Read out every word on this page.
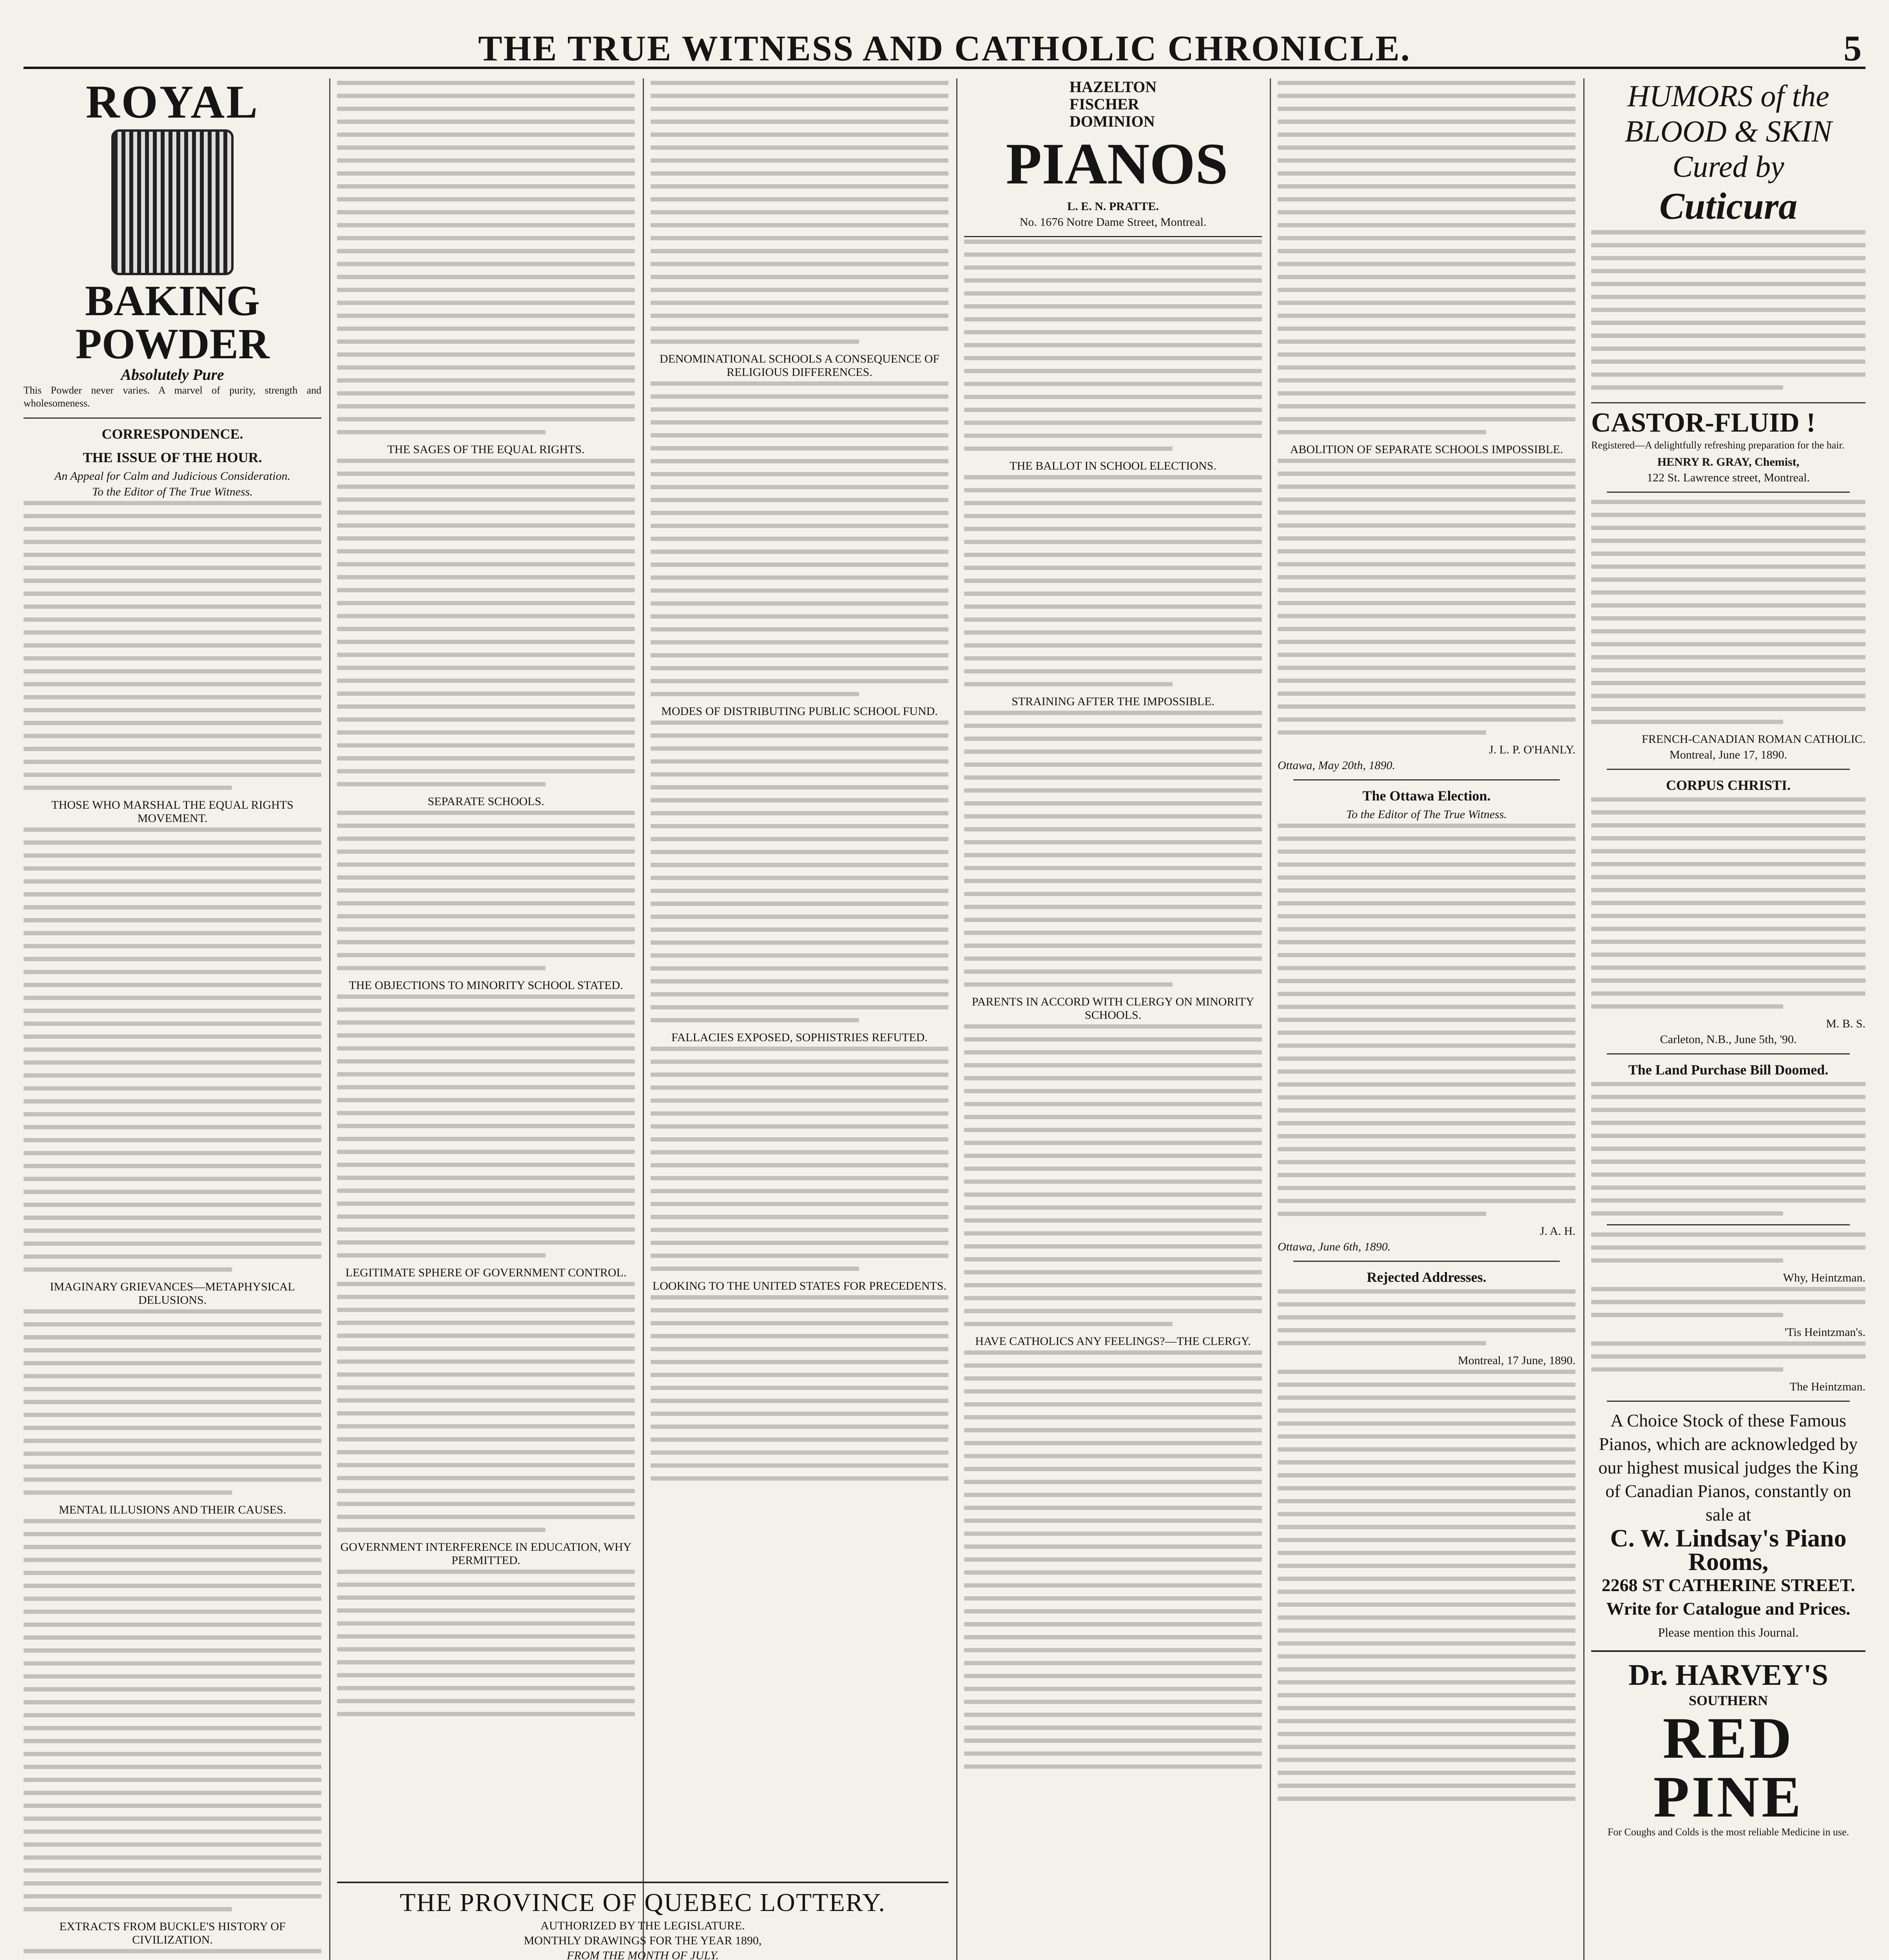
THE TRUE WITNESS AND CATHOLIC CHRONICLE.	5
ROYAL
BAKING
POWDER
Absolutely Pure

This Powder never varies. A marvel of purity, strength and wholesomeness.

CORRESPONDENCE.
THE ISSUE OF THE HOUR.
An Appeal for Calm and Judicious Consideration.
To the Editor of The True Witness.
THOSE WHO MARSHAL THE EQUAL RIGHTS MOVEMENT.
IMAGINARY GRIEVANCES—METAPHYSICAL DELUSIONS.
MENTAL ILLUSIONS AND THEIR CAUSES.
EXTRACTS FROM BUCKLE'S HISTORY OF CIVILIZATION.
THE SAGES OF THE EQUAL RIGHTS.
SEPARATE SCHOOLS.
THE OBJECTIONS TO MINORITY SCHOOL STATED.
LEGITIMATE SPHERE OF GOVERNMENT CONTROL.
GOVERNMENT INTERFERENCE IN EDUCATION, WHY PERMITTED.
DENOMINATIONAL SCHOOLS A CONSEQUENCE OF RELIGIOUS DIFFERENCES.
MODES OF DISTRIBUTING PUBLIC SCHOOL FUND.
FALLACIES EXPOSED, SOPHISTRIES REFUTED.
LOOKING TO THE UNITED STATES FOR PRECEDENTS.
THE PROVINCE OF QUEBEC LOTTERY.
AUTHORIZED BY THE LEGISLATURE.
MONTHLY DRAWINGS FOR THE YEAR 1890,
FROM THE MONTH OF JULY.
HAZELTON
FISCHER
DOMINION
PIANOS
L. E. N. PRATTE.
No. 1676 Notre Dame Street, Montreal.
THE BALLOT IN SCHOOL ELECTIONS.
STRAINING AFTER THE IMPOSSIBLE.
PARENTS IN ACCORD WITH CLERGY ON MINORITY SCHOOLS.
HAVE CATHOLICS ANY FEELINGS?—THE CLERGY.
ABOLITION OF SEPARATE SCHOOLS IMPOSSIBLE.
J. L. P. O'HANLY.
Ottawa, May 20th, 1890.
The Ottawa Election.
To the Editor of The True Witness.
J. A. H.
Ottawa, June 6th, 1890.
Rejected Addresses.
Montreal, 17 June, 1890.
HUMORS of the BLOOD & SKIN Cured by
Cuticura
CASTOR-FLUID !

Registered—A delightfully refreshing preparation for the hair.

HENRY R. GRAY, Chemist,
122 St. Lawrence street, Montreal.
FRENCH-CANADIAN ROMAN CATHOLIC.
Montreal, June 17, 1890.
CORPUS CHRISTI.
M. B. S.
Carleton, N.B., June 5th, '90.
The Land Purchase Bill Doomed.
Why, Heintzman.
'Tis Heintzman's.
The Heintzman.
A Choice Stock of these Famous Pianos, which are acknowledged by our highest musical judges the King of Canadian Pianos, constantly on sale at
C. W. Lindsay's Piano Rooms,
2268 ST CATHERINE STREET.
Write for Catalogue and Prices.
Please mention this Journal.
Dr. HARVEY'S
SOUTHERN
RED PINE
For Coughs and Colds is the most reliable Medicine in use.
